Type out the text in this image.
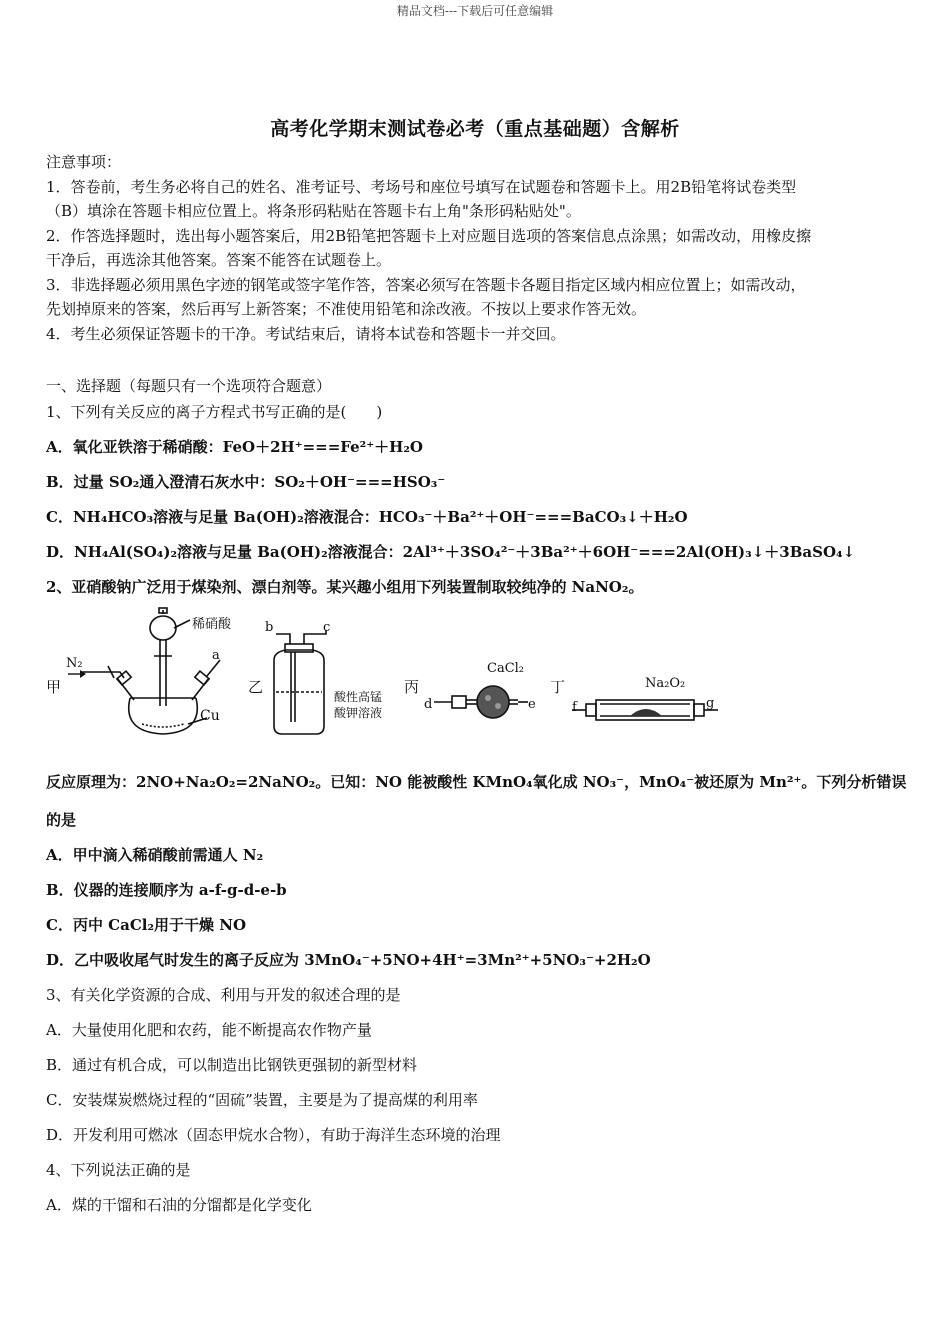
精品文档---下载后可任意编辑
高考化学期末测试卷必考（重点基础题）含解析
注意事项：
1．答卷前，考生务必将自己的姓名、准考证号、考场号和座位号填写在试题卷和答题卡上。用2B铅笔将试卷类型
（B）填涂在答题卡相应位置上。将条形码粘贴在答题卡右上角"条形码粘贴处"。
2．作答选择题时，选出每小题答案后，用2B铅笔把答题卡上对应题目选项的答案信息点涂黑；如需改动，用橡皮擦
干净后，再选涂其他答案。答案不能答在试题卷上。
3．非选择题必须用黑色字迹的钢笔或签字笔作答，答案必须写在答题卡各题目指定区域内相应位置上；如需改动，
先划掉原来的答案，然后再写上新答案；不准使用铅笔和涂改液。不按以上要求作答无效。
4．考生必须保证答题卡的干净。考试结束后，请将本试卷和答题卡一并交回。
一、选择题（每题只有一个选项符合题意）
1、下列有关反应的离子方程式书写正确的是(　　)
A．氧化亚铁溶于稀硝酸：FeO＋2H⁺===Fe²⁺＋H₂O
B．过量 SO₂通入澄清石灰水中：SO₂＋OH⁻===HSO₃⁻
C．NH₄HCO₃溶液与足量 Ba(OH)₂溶液混合：HCO₃⁻＋Ba²⁺＋OH⁻===BaCO₃↓＋H₂O
D．NH₄Al(SO₄)₂溶液与足量 Ba(OH)₂溶液混合：2Al³⁺＋3SO₄²⁻＋3Ba²⁺＋6OH⁻===2Al(OH)₃↓＋3BaSO₄↓
2、亚硝酸钠广泛用于煤染剂、漂白剂等。某兴趣小组用下列装置制取较纯净的 NaNO₂。
甲	乙	丙	丁
N₂
稀硝酸
a
Cu
b	c
酸性高锰
酸钾溶液
CaCl₂
d	e
Na₂O₂
f	g
反应原理为：2NO+Na₂O₂=2NaNO₂。已知：NO 能被酸性 KMnO₄氧化成 NO₃⁻，MnO₄⁻被还原为 Mn²⁺。下列分析错误
的是
A．甲中滴入稀硝酸前需通人 N₂
B．仪器的连接顺序为 a-f-g-d-e-b
C．丙中 CaCl₂用于干燥 NO
D．乙中吸收尾气时发生的离子反应为 3MnO₄⁻+5NO+4H⁺=3Mn²⁺+5NO₃⁻+2H₂O
3、有关化学资源的合成、利用与开发的叙述合理的是
A．大量使用化肥和农药，能不断提高农作物产量
B．通过有机合成，可以制造出比钢铁更强韧的新型材料
C．安装煤炭燃烧过程的“固硫”装置，主要是为了提高煤的利用率
D．开发利用可燃冰（固态甲烷水合物），有助于海洋生态环境的治理
4、下列说法正确的是
A．煤的干馏和石油的分馏都是化学变化
